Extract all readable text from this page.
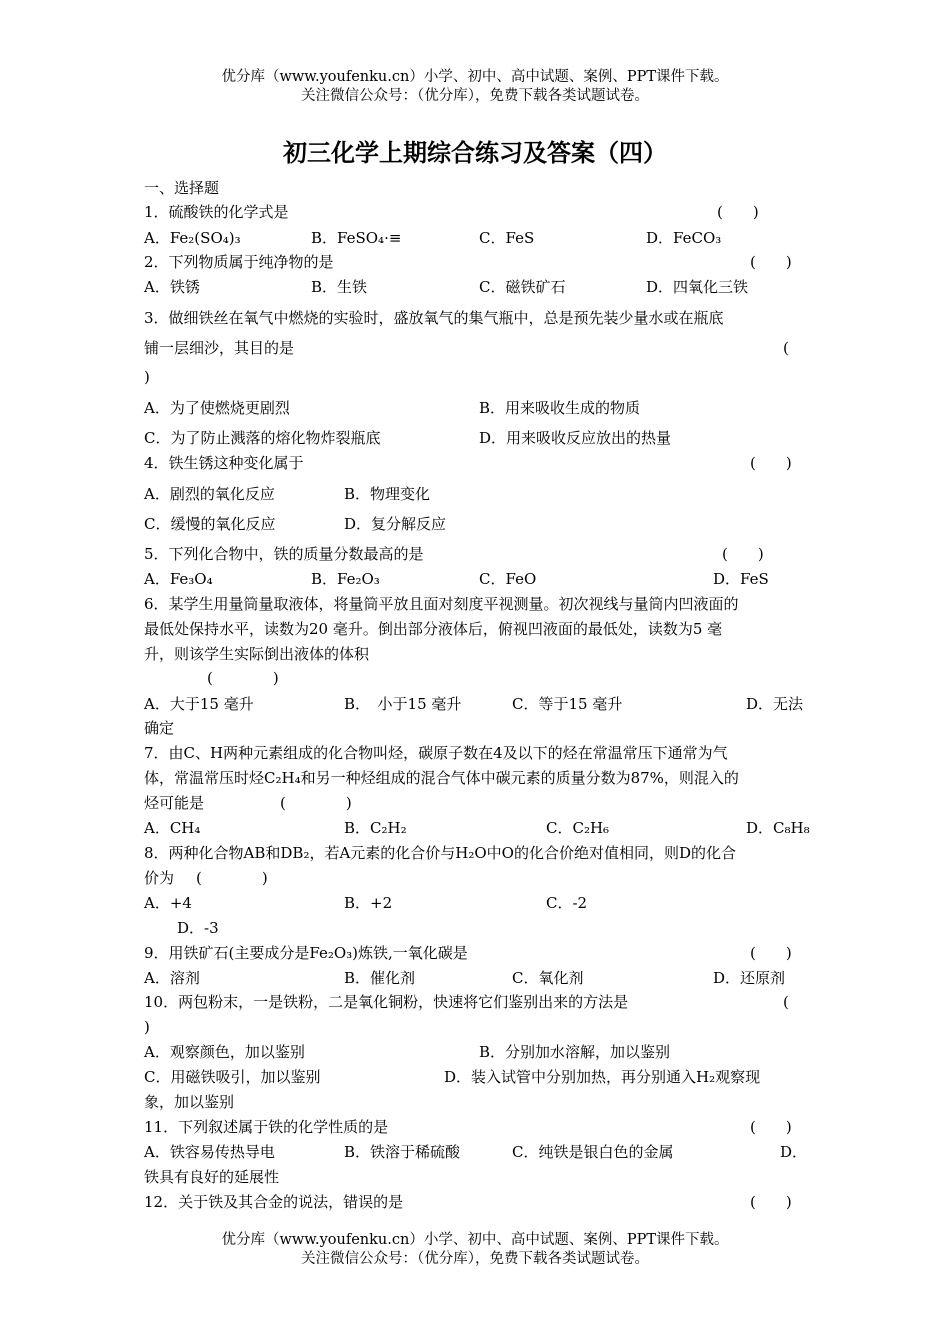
优分库（www.youfenku.cn）小学、初中、高中试题、案例、PPT课件下载。
关注微信公众号：（优分库），免费下载各类试题试卷。
初三化学上期综合练习及答案（四）
一、选择题
1．硫酸铁的化学式是	(　　)
A．Fe₂(SO₄)₃	B．FeSO₄·≡	C．FeS	D．FeCO₃
2．下列物质属于纯净物的是	(　　)
A．铁锈	B．生铁	C．磁铁矿石	D．四氧化三铁
3．做细铁丝在氧气中燃烧的实验时，盛放氧气的集气瓶中，总是预先装少量水或在瓶底
铺一层细沙，其目的是	(
)
A．为了使燃烧更剧烈	B．用来吸收生成的物质
C．为了防止溅落的熔化物炸裂瓶底	D．用来吸收反应放出的热量
4．铁生锈这种变化属于	(　　)
A．剧烈的氧化反应	B．物理变化
C．缓慢的氧化反应	D．复分解反应
5．下列化合物中，铁的质量分数最高的是	(　　)
A．Fe₃O₄	B．Fe₂O₃	C．FeO	D．FeS
6．某学生用量筒量取液体，将量筒平放且面对刻度平视测量。初次视线与量筒内凹液面的
最低处保持水平，读数为20 毫升。倒出部分液体后，俯视凹液面的最低处，读数为5 毫
升，则该学生实际倒出液体的体积
(　　　　)
A．大于15 毫升	B．　小于15 毫升	C．等于15 毫升	D．无法
确定
7．由C、H两种元素组成的化合物叫烃，碳原子数在4及以下的烃在常温常压下通常为气
体，常温常压时烃C₂H₄和另一种烃组成的混合气体中碳元素的质量分数为87%，则混入的
烃可能是	(　　　　)
A．CH₄	B．C₂H₂	C．C₂H₆	D．C₈H₈
8．两种化合物AB和DB₂，若A元素的化合价与H₂O中O的化合价绝对值相同，则D的化合
价为 (　　　　)
A．+4	B．+2	C．-2
D．-3
9．用铁矿石(主要成分是Fe₂O₃)炼铁,一氧化碳是	(　　)
A．溶剂	B．催化剂	C．氧化剂	D．还原剂
10．两包粉末，一是铁粉，二是氧化铜粉，快速将它们鉴别出来的方法是	(
)
A．观察颜色，加以鉴别	B．分别加水溶解，加以鉴别
C．用磁铁吸引，加以鉴别	D．装入试管中分别加热，再分别通入H₂观察现
象，加以鉴别
11．下列叙述属于铁的化学性质的是	(　　)
A．铁容易传热导电	B．铁溶于稀硫酸	C．纯铁是银白色的金属	D．
铁具有良好的延展性
12．关于铁及其合金的说法，错误的是	(　　)
优分库（www.youfenku.cn）小学、初中、高中试题、案例、PPT课件下载。
关注微信公众号：（优分库），免费下载各类试题试卷。
